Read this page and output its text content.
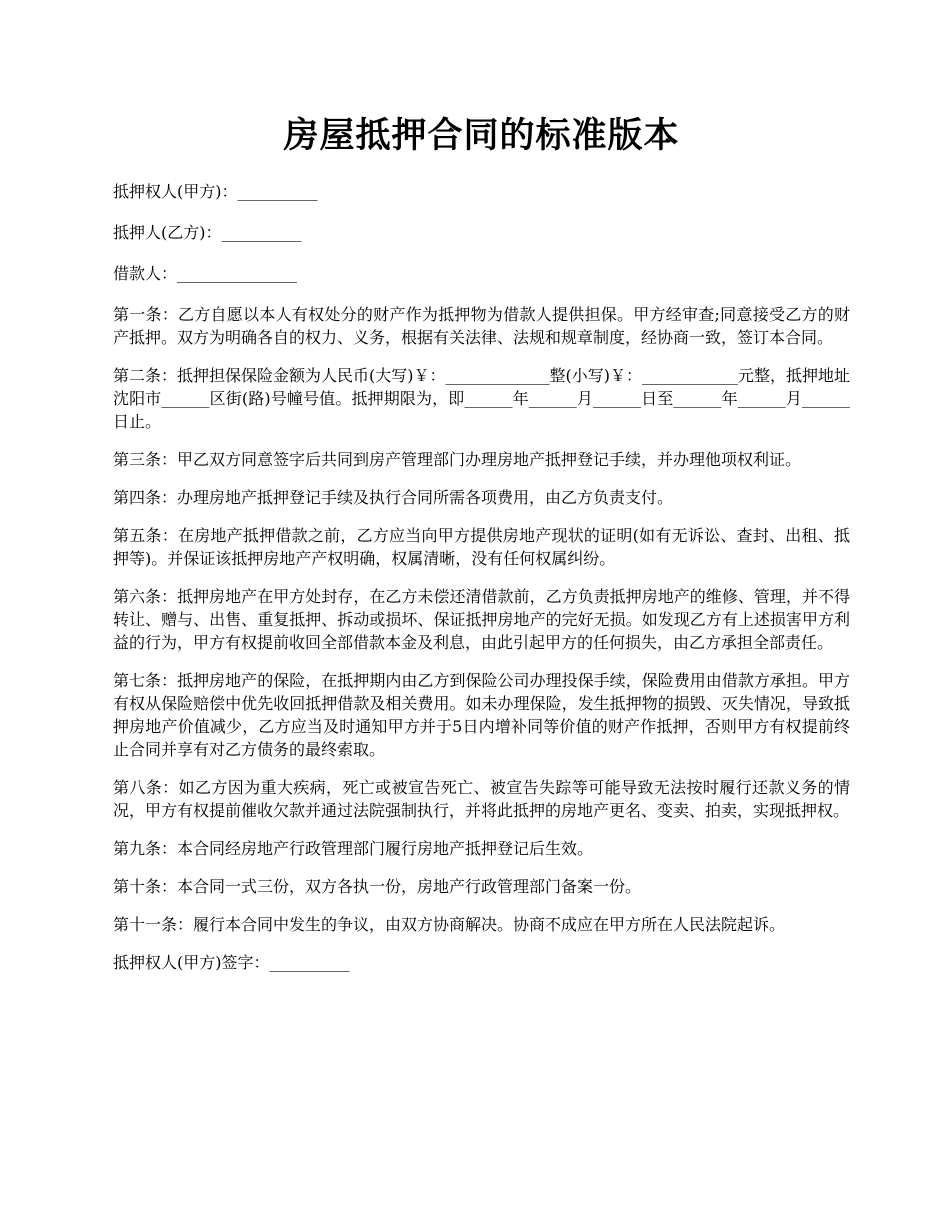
房屋抵押合同的标准版本

抵押权人(甲方)：__________

抵押人(乙方)：__________

借款人：_______________

第一条：乙方自愿以本人有权处分的财产作为抵押物为借款人提供担保。甲方经审查;同意接受乙方的财产抵押。双方为明确各自的权力、义务，根据有关法律、法规和规章制度，经协商一致，签订本合同。

第二条：抵押担保保险金额为人民币(大写)￥：_____________整(小写)￥：____________元整，抵押地址沈阳市______区街(路)号幢号值。抵押期限为，即______年______月______日至______年______月______日止。

第三条：甲乙双方同意签字后共同到房产管理部门办理房地产抵押登记手续，并办理他项权利证。

第四条：办理房地产抵押登记手续及执行合同所需各项费用，由乙方负责支付。

第五条：在房地产抵押借款之前，乙方应当向甲方提供房地产现状的证明(如有无诉讼、查封、出租、抵押等)。并保证该抵押房地产产权明确，权属清晰，没有任何权属纠纷。

第六条：抵押房地产在甲方处封存，在乙方未偿还清借款前，乙方负责抵押房地产的维修、管理，并不得转让、赠与、出售、重复抵押、拆动或损坏、保证抵押房地产的完好无损。如发现乙方有上述损害甲方利益的行为，甲方有权提前收回全部借款本金及利息，由此引起甲方的任何损失，由乙方承担全部责任。

第七条：抵押房地产的保险，在抵押期内由乙方到保险公司办理投保手续，保险费用由借款方承担。甲方有权从保险赔偿中优先收回抵押借款及相关费用。如未办理保险，发生抵押物的损毁、灭失情况，导致抵押房地产价值减少，乙方应当及时通知甲方并于5日内增补同等价值的财产作抵押，否则甲方有权提前终止合同并享有对乙方债务的最终索取。

第八条：如乙方因为重大疾病，死亡或被宣告死亡、被宣告失踪等可能导致无法按时履行还款义务的情况，甲方有权提前催收欠款并通过法院强制执行，并将此抵押的房地产更名、变卖、拍卖，实现抵押权。

第九条：本合同经房地产行政管理部门履行房地产抵押登记后生效。

第十条：本合同一式三份，双方各执一份，房地产行政管理部门备案一份。

第十一条：履行本合同中发生的争议，由双方协商解决。协商不成应在甲方所在人民法院起诉。

抵押权人(甲方)签字：__________
